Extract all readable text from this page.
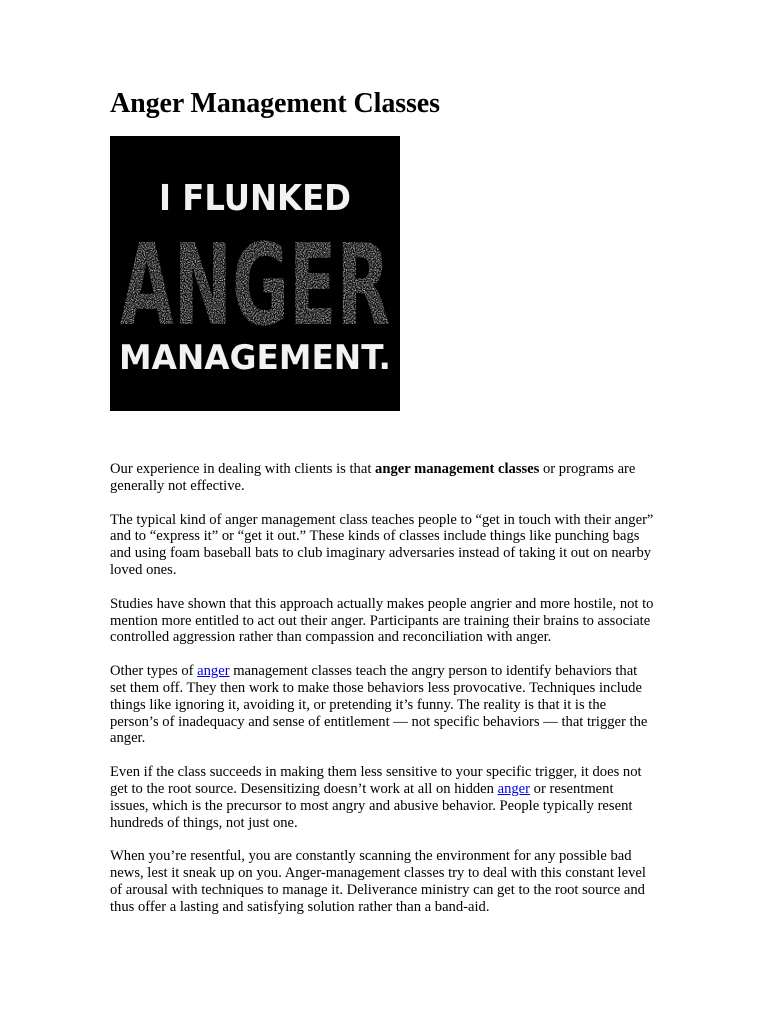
Anger Management Classes
I FLUNKED
ANGER
MANAGEMENT.

Our experience in dealing with clients is that anger management classes or programs are generally not effective.

The typical kind of anger management class teaches people to “get in touch with their anger” and to “express it” or “get it out.” These kinds of classes include things like punching bags and using foam baseball bats to club imaginary adversaries instead of taking it out on nearby loved ones.

Studies have shown that this approach actually makes people angrier and more hostile, not to mention more entitled to act out their anger. Participants are training their brains to associate controlled aggression rather than compassion and reconciliation with anger.

Other types of anger management classes teach the angry person to identify behaviors that set them off. They then work to make those behaviors less provocative. Techniques include things like ignoring it, avoiding it, or pretending it’s funny. The reality is that it is the person’s of inadequacy and sense of entitlement — not specific behaviors — that trigger the anger.

Even if the class succeeds in making them less sensitive to your specific trigger, it does not get to the root source. Desensitizing doesn’t work at all on hidden anger or resentment issues, which is the precursor to most angry and abusive behavior. People typically resent hundreds of things, not just one.

When you’re resentful, you are constantly scanning the environment for any possible bad news, lest it sneak up on you. Anger-management classes try to deal with this constant level of arousal with techniques to manage it. Deliverance ministry can get to the root source and thus offer a lasting and satisfying solution rather than a band-aid.
